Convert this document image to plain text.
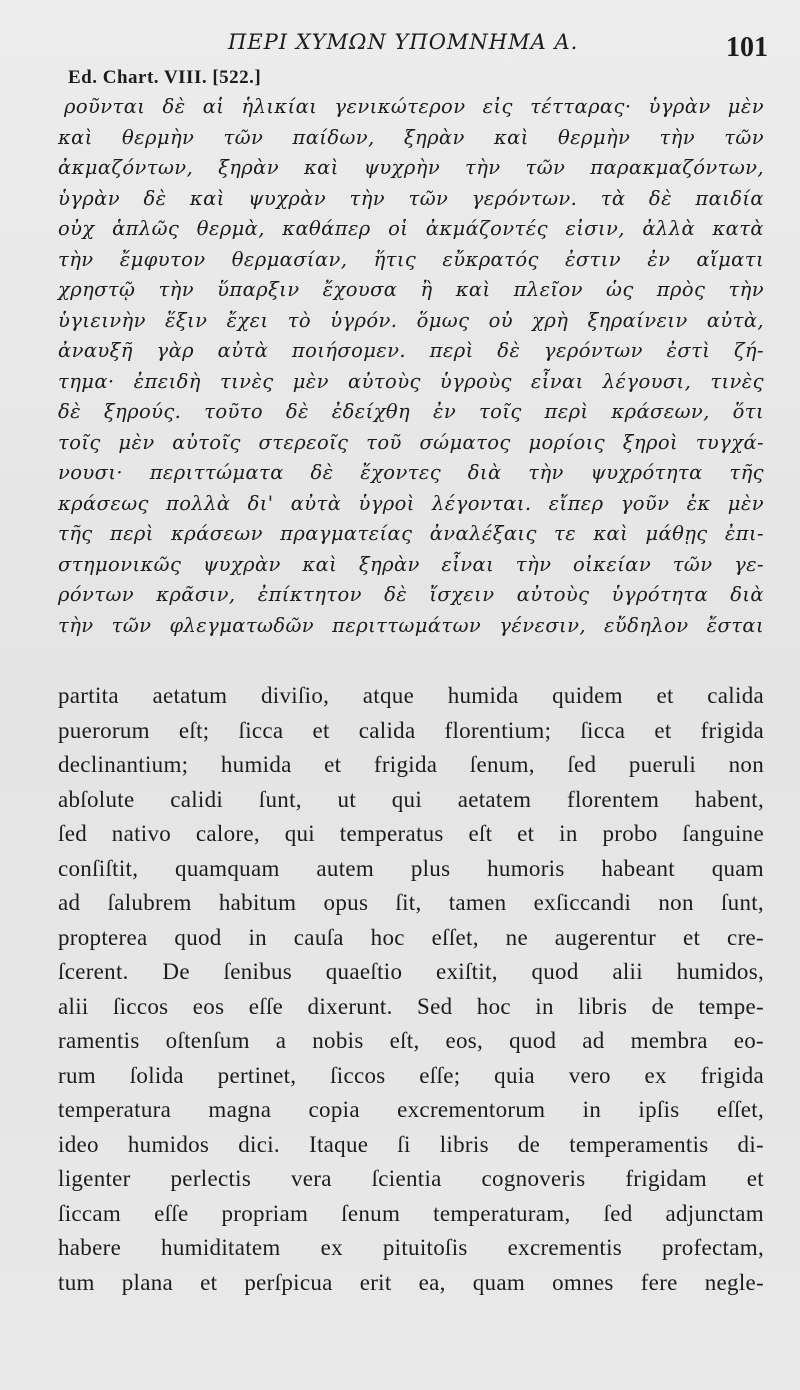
ΠΕΡΙ ΧΥΜΩΝ ΥΠΟΜΝΗΜΑ Α.	101
Ed. Chart. VIII. [522.]
ροῦνται δὲ αἱ ἡλικίαι γενικώτερον εἰς τέτταρας· ὑγρὰν μὲν
καὶ θερμὴν τῶν παίδων, ξηρὰν καὶ θερμὴν τὴν τῶν
ἀκμαζόντων, ξηρὰν καὶ ψυχρὴν τὴν τῶν παρακμαζόντων,
ὑγρὰν δὲ καὶ ψυχρὰν τὴν τῶν γερόντων. τὰ δὲ παιδία
οὐχ ἁπλῶς θερμὰ, καθάπερ οἱ ἀκμάζοντές εἰσιν, ἀλλὰ κατὰ
τὴν ἔμφυτον θερμασίαν, ἥτις εὔκρατός ἐστιν ἐν αἵματι
χρηστῷ τὴν ὕπαρξιν ἔχουσα ἢ καὶ πλεῖον ὡς πρὸς τὴν
ὑγιεινὴν ἕξιν ἔχει τὸ ὑγρόν. ὅμως οὐ χρὴ ξηραίνειν αὐτὰ,
ἀναυξῆ γὰρ αὐτὰ ποιήσομεν. περὶ δὲ γερόντων ἐστὶ ζή-
τημα· ἐπειδὴ τινὲς μὲν αὐτοὺς ὑγροὺς εἶναι λέγουσι, τινὲς
δὲ ξηρούς. τοῦτο δὲ ἐδείχθη ἐν τοῖς περὶ κράσεων, ὅτι
τοῖς μὲν αὐτοῖς στερεοῖς τοῦ σώματος μορίοις ξηροὶ τυγχά-
νουσι· περιττώματα δὲ ἔχοντες διὰ τὴν ψυχρότητα τῆς
κράσεως πολλὰ δι' αὐτὰ ὑγροὶ λέγονται. εἴπερ γοῦν ἐκ μὲν
τῆς περὶ κράσεων πραγματείας ἀναλέξαις τε καὶ μάθῃς ἐπι-
στημονικῶς ψυχρὰν καὶ ξηρὰν εἶναι τὴν οἰκείαν τῶν γε-
ρόντων κρᾶσιν, ἐπίκτητον δὲ ἴσχειν αὐτοὺς ὑγρότητα διὰ
τὴν τῶν φλεγματωδῶν περιττωμάτων γένεσιν, εὔδηλον ἔσται
partita aetatum diviſio, atque humida quidem et calida
puerorum eſt; ſicca et calida florentium; ſicca et frigida
declinantium; humida et frigida ſenum, ſed pueruli non
abſolute calidi ſunt, ut qui aetatem florentem habent,
ſed nativo calore, qui temperatus eſt et in probo ſanguine
conſiſtit, quamquam autem plus humoris habeant quam
ad ſalubrem habitum opus ſit, tamen exſiccandi non ſunt,
propterea quod in cauſa hoc eſſet, ne augerentur et cre-
ſcerent. De ſenibus quaeſtio exiſtit, quod alii humidos,
alii ſiccos eos eſſe dixerunt. Sed hoc in libris de tempe-
ramentis oſtenſum a nobis eſt, eos, quod ad membra eo-
rum ſolida pertinet, ſiccos eſſe; quia vero ex frigida
temperatura magna copia excrementorum in ipſis eſſet,
ideo humidos dici. Itaque ſi libris de temperamentis di-
ligenter perlectis vera ſcientia cognoveris frigidam et
ſiccam eſſe propriam ſenum temperaturam, ſed adjunctam
habere humiditatem ex pituitoſis excrementis profectam,
tum plana et perſpicua erit ea, quam omnes fere negle-
